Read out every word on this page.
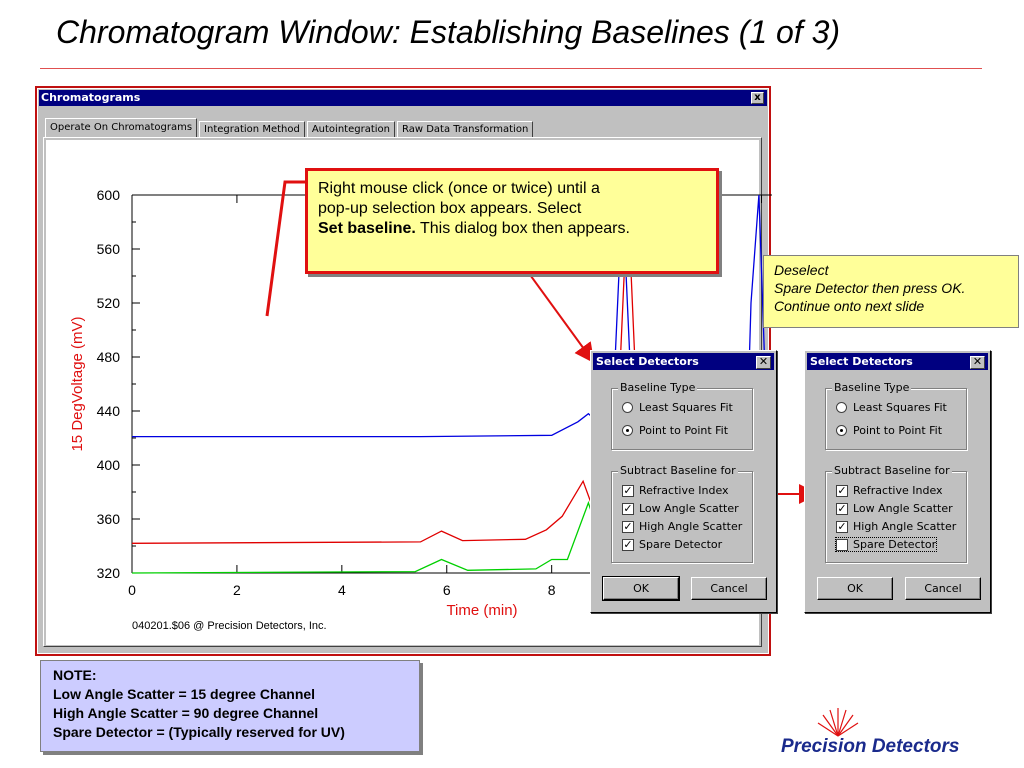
Chromatogram Window: Establishing Baselines (1 of 3)
Chromatograms	x
Operate On Chromatograms	Integration Method	Autointegration	Raw Data Transformation
600
560
520
480
440
400
360
320
0	2	4	6	8
15 DegVoltage (mV)
Time (min)
040201.$06 @ Precision Detectors, Inc.
Right mouse click (once or twice) until a
pop-up selection box appears. Select
Set baseline. This dialog box then appears.
Deselect
Spare Detector then press OK.
Continue onto next slide
Select Detectors	✕
Baseline Type
Least Squares Fit
Point to Point Fit
Subtract Baseline for
✓ Refractive Index
✓ Low Angle Scatter
✓ High Angle Scatter
✓ Spare Detector
OK	Cancel
Select Detectors	✕
Baseline Type
Least Squares Fit
Point to Point Fit
Subtract Baseline for
✓ Refractive Index
✓ Low Angle Scatter
✓ High Angle Scatter
Spare Detector
OK	Cancel
NOTE:
Low Angle Scatter = 15 degree Channel
High Angle Scatter = 90 degree Channel
Spare Detector = (Typically reserved for UV)
Precision Detectors
